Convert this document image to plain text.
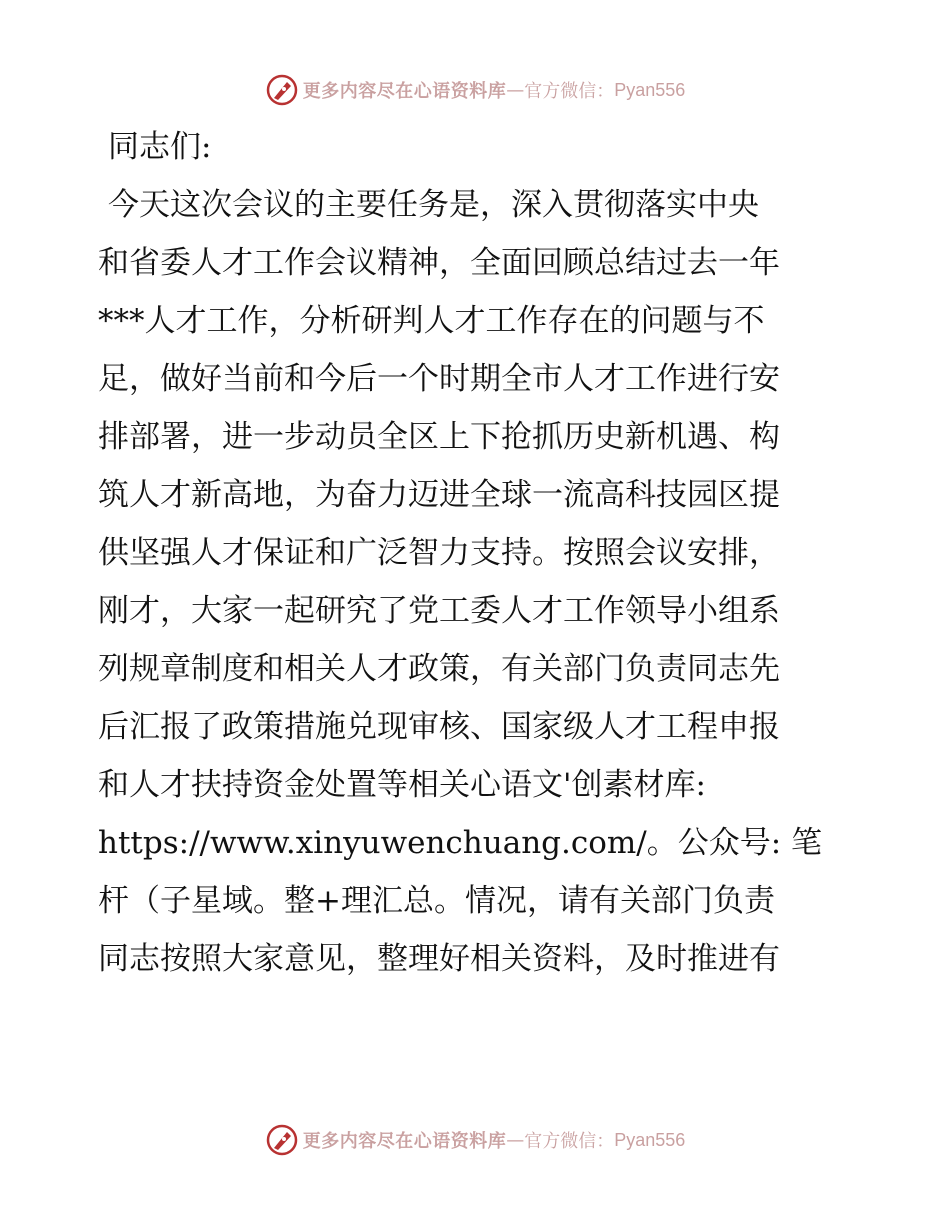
更多内容尽在心语资料库 — 官方微信： Pyan556
同志们:
今天这次会议的主要任务是，深入贯彻落实中央
和省委人才工作会议精神，全面回顾总结过去一年
***人才工作，分析研判人才工作存在的问题与不
足，做好当前和今后一个时期全市人才工作进行安
排部署，进一步动员全区上下抢抓历史新机遇、构
筑人才新高地，为奋力迈进全球一流高科技园区提
供坚强人才保证和广泛智力支持。按照会议安排，
刚才，大家一起研究了党工委人才工作领导小组系
列规章制度和相关人才政策，有关部门负责同志先
后汇报了政策措施兑现审核、国家级人才工程申报
和人才扶持资金处置等相关心语文'创素材库:
https://www.xinyuwenchuang.com/。公众号: 笔
杆（子星域。整+理汇总。情况，请有关部门负责
同志按照大家意见，整理好相关资料，及时推进有
更多内容尽在心语资料库 — 官方微信： Pyan556
